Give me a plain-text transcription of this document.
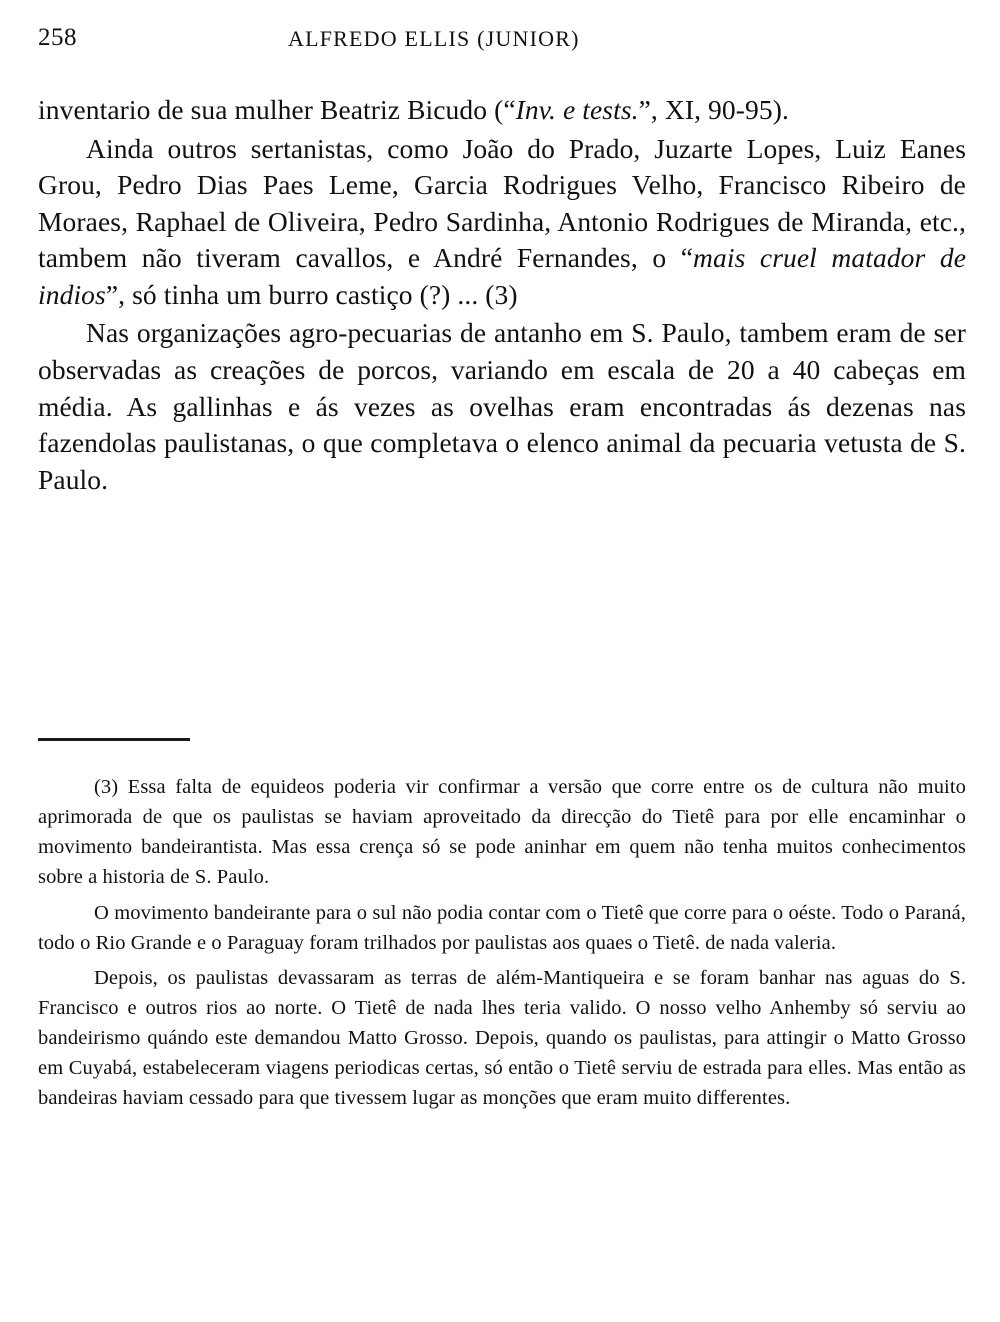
258	ALFREDO ELLIS (JUNIOR)

inventario de sua mulher Beatriz Bicudo (“Inv. e tests.”, XI, 90-95).

Ainda outros sertanistas, como João do Prado, Juzarte Lopes, Luiz Eanes Grou, Pedro Dias Paes Leme, Garcia Rodrigues Velho, Francisco Ribeiro de Moraes, Raphael de Oliveira, Pedro Sardinha, Antonio Rodrigues de Miranda, etc., tambem não tiveram cavallos, e André Fernandes, o “mais cruel matador de indios”, só tinha um burro castiço (?) ... (3)

Nas organizações agro-pecuarias de antanho em S. Paulo, tambem eram de ser observadas as creações de porcos, variando em escala de 20 a 40 cabeças em média. As gallinhas e ás vezes as ovelhas eram encontradas ás dezenas nas fazendolas paulistanas, o que completava o elenco animal da pecuaria vetusta de S. Paulo.

(3) Essa falta de equideos poderia vir confirmar a versão que corre entre os de cultura não muito aprimorada de que os paulistas se haviam aproveitado da direcção do Tietê para por elle encaminhar o movimento bandeirantista. Mas essa crença só se pode aninhar em quem não tenha muitos conhecimentos sobre a historia de S. Paulo.

O movimento bandeirante para o sul não podia contar com o Tietê que corre para o oéste. Todo o Paraná, todo o Rio Grande e o Paraguay foram trilhados por paulistas aos quaes o Tietê. de nada valeria.

Depois, os paulistas devassaram as terras de além-Mantiqueira e se foram banhar nas aguas do S. Francisco e outros rios ao norte. O Tietê de nada lhes teria valido. O nosso velho Anhemby só serviu ao bandeirismo quándo este demandou Matto Grosso. Depois, quando os paulistas, para attingir o Matto Grosso em Cuyabá, estabeleceram viagens periodicas certas, só então o Tietê serviu de estrada para elles. Mas então as bandeiras haviam cessado para que tivessem lugar as monções que eram muito differentes.
